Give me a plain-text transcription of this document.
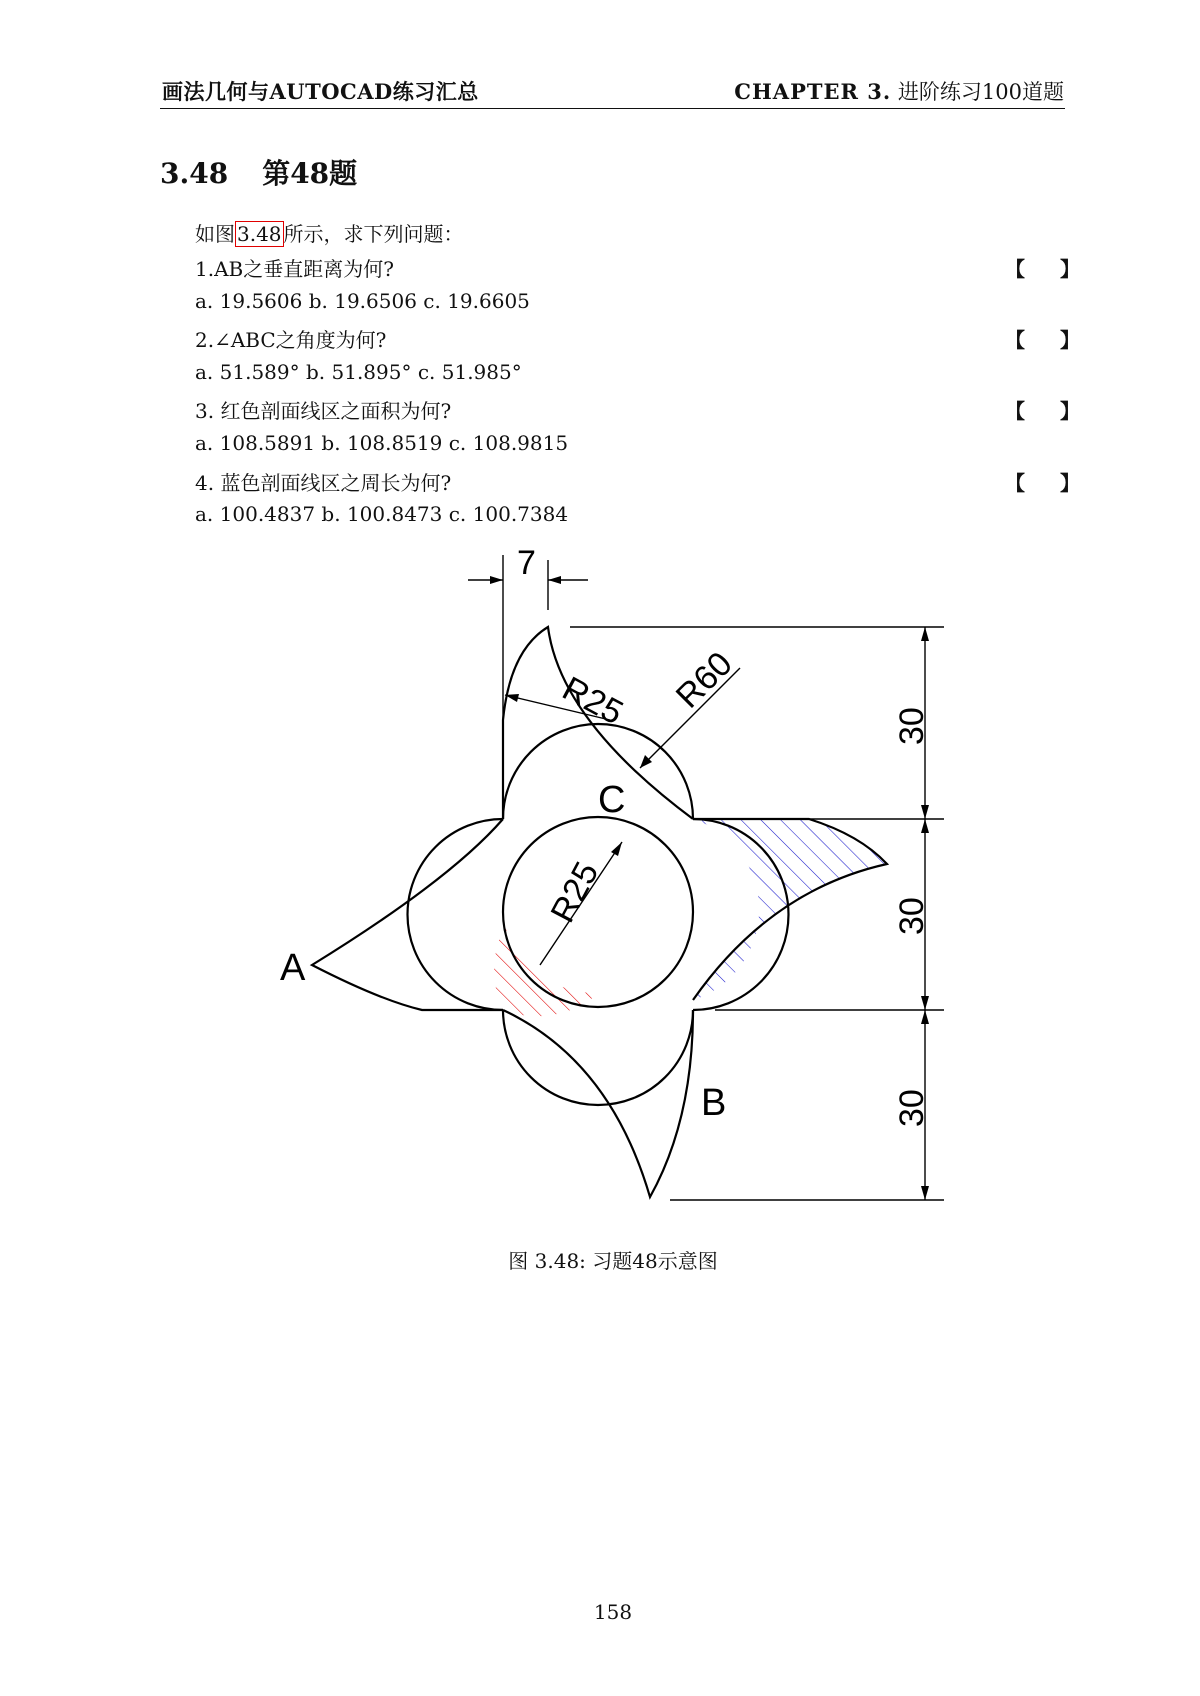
画法几何与AUTOCAD练习汇总	CHAPTER 3. 进阶练习100道题
3.48 第48题
如图 3.48 所示，求下列问题：
1.AB之垂直距离为何?	【 】
a. 19.5606 b. 19.6506 c. 19.6605
2.∠ABC之角度为何?	【 】
a. 51.589° b. 51.895° c. 51.985°
3. 红色剖面线区之面积为何?	【 】
a. 108.5891 b. 108.8519 c. 108.9815
4. 蓝色剖面线区之周长为何?	【 】
a. 100.4837 b. 100.8473 c. 100.7384
7
R25 R60
R25
30
30
30
A
B
C
图 3.48: 习题48示意图
158
